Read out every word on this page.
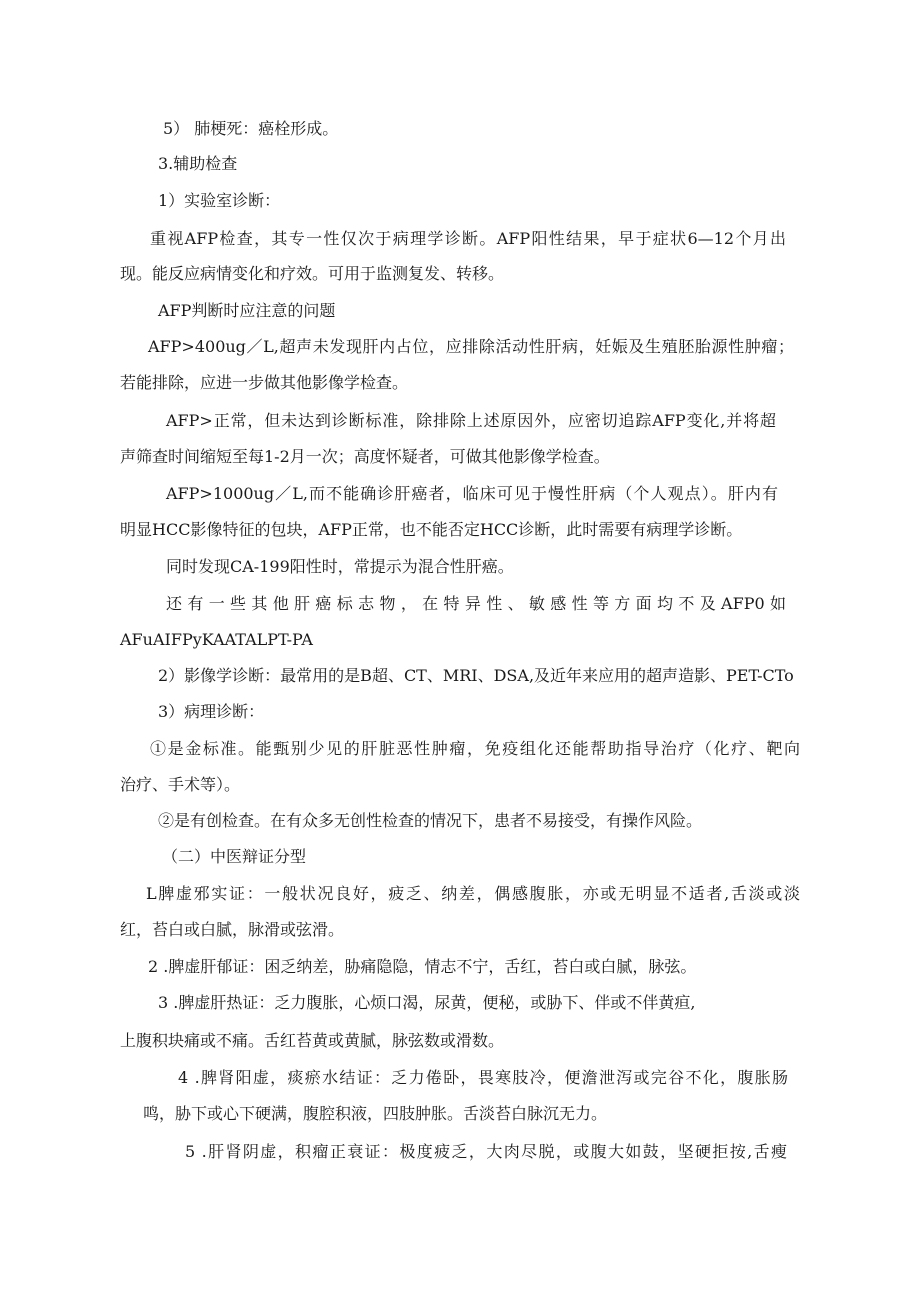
5） 肺梗死：癌栓形成。
3.辅助检查
1）实验室诊断：
重视AFP检查，其专一性仅次于病理学诊断。AFP阳性结果，早于症状6—12个月出
现。能反应病情变化和疗效。可用于监测复发、转移。
AFP判断时应注意的问题
AFP>400ug／L,超声未发现肝内占位，应排除活动性肝病，妊娠及生殖胚胎源性肿瘤；
若能排除，应进一步做其他影像学检查。
AFP>正常，但未达到诊断标准，除排除上述原因外，应密切追踪AFP变化,并将超
声筛查时间缩短至每1-2月一次；高度怀疑者，可做其他影像学检查。
AFP>1000ug／L,而不能确诊肝癌者，临床可见于慢性肝病（个人观点）。肝内有
明显HCC影像特征的包块，AFP正常，也不能否定HCC诊断，此时需要有病理学诊断。
同时发现CA-199阳性时，常提示为混合性肝癌。
还有一些其他肝癌标志物，在特异性、敏感性等方面均不及AFP0如
AFuAIFPyKAATALPT-PA
2）影像学诊断：最常用的是B超、CT、MRI、DSA,及近年来应用的超声造影、PET-CTo
3）病理诊断：
①是金标准。能甄别少见的肝脏恶性肿瘤，免疫组化还能帮助指导治疗（化疗、靶向
治疗、手术等）。
②是有创检查。在有众多无创性检查的情况下，患者不易接受，有操作风险。
（二）中医辩证分型
L脾虚邪实证：一般状况良好，疲乏、纳差，偶感腹胀，亦或无明显不适者,舌淡或淡
红，苔白或白腻，脉滑或弦滑。
2 .脾虚肝郁证：困乏纳差，胁痛隐隐，情志不宁，舌红，苔白或白腻，脉弦。
3 .脾虚肝热证：乏力腹胀，心烦口渴，尿黄，便秘，或胁下、伴或不伴黄疸,
上腹积块痛或不痛。舌红苔黄或黄腻，脉弦数或滑数。
4 .脾肾阳虚，痰瘀水结证：乏力倦卧，畏寒肢冷，便澹泄泻或完谷不化，腹胀肠
鸣，胁下或心下硬满，腹腔积液，四肢肿胀。舌淡苔白脉沉无力。
5 .肝肾阴虚，积瘤正衰证：极度疲乏，大肉尽脱，或腹大如鼓，坚硬拒按,舌瘦
